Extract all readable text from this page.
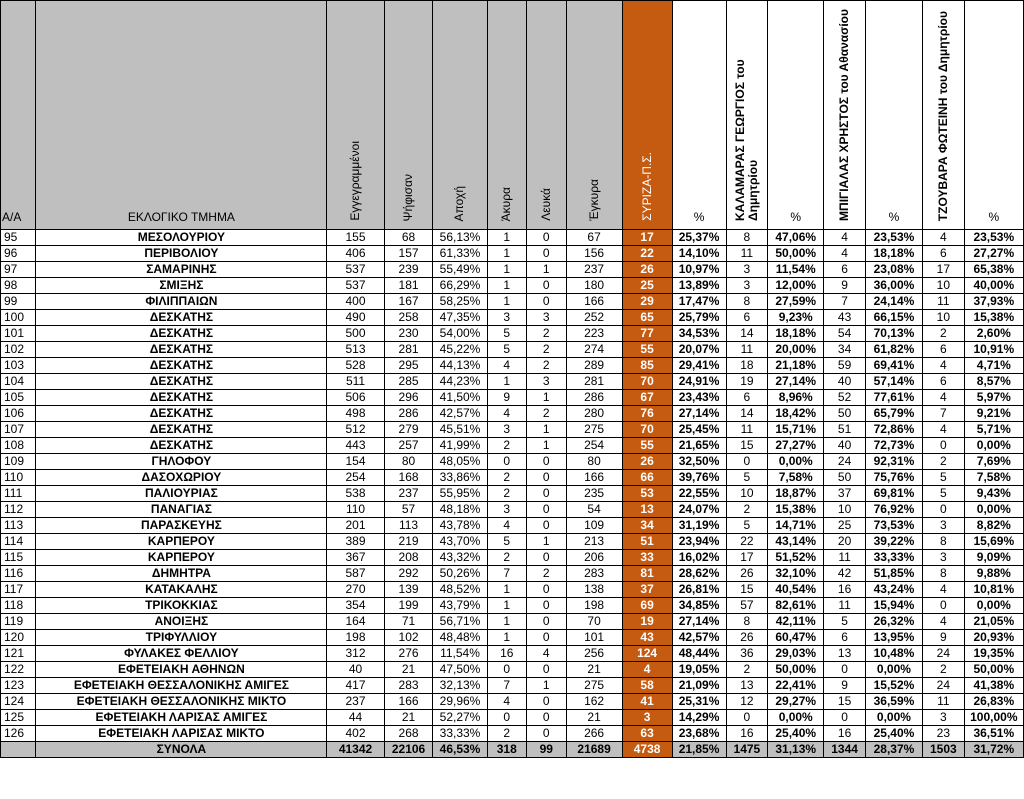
Α/Α	ΕΚΛΟΓΙΚΟ ΤΜΗΜΑ	Εγγεγραμμένοι	Ψήφισαν	Αποχή	Άκυρα	Λευκά	Έγκυρα	ΣΥΡΙΖΑ-Π.Σ.	%	ΚΑΛΑΜΑΡΑΣ ΓΕΩΡΓΙΟΣ του Δημητρίου	%	ΜΠΙΓΙΑΛΑΣ ΧΡΗΣΤΟΣ του Αθανασίου	%	ΤΖΟΥΒΑΡΑ ΦΩΤΕΙΝΗ του Δημητρίου	%
95	ΜΕΣΟΛΟΥΡΙΟΥ	155	68	56,13%	1	0	67	17	25,37%	8	47,06%	4	23,53%	4	23,53%
96	ΠΕΡΙΒΟΛΙΟΥ	406	157	61,33%	1	0	156	22	14,10%	11	50,00%	4	18,18%	6	27,27%
97	ΣΑΜΑΡΙΝΗΣ	537	239	55,49%	1	1	237	26	10,97%	3	11,54%	6	23,08%	17	65,38%
98	ΣΜΙΞΗΣ	537	181	66,29%	1	0	180	25	13,89%	3	12,00%	9	36,00%	10	40,00%
99	ΦΙΛΙΠΠΑΙΩΝ	400	167	58,25%	1	0	166	29	17,47%	8	27,59%	7	24,14%	11	37,93%
100	ΔΕΣΚΑΤΗΣ	490	258	47,35%	3	3	252	65	25,79%	6	9,23%	43	66,15%	10	15,38%
101	ΔΕΣΚΑΤΗΣ	500	230	54,00%	5	2	223	77	34,53%	14	18,18%	54	70,13%	2	2,60%
102	ΔΕΣΚΑΤΗΣ	513	281	45,22%	5	2	274	55	20,07%	11	20,00%	34	61,82%	6	10,91%
103	ΔΕΣΚΑΤΗΣ	528	295	44,13%	4	2	289	85	29,41%	18	21,18%	59	69,41%	4	4,71%
104	ΔΕΣΚΑΤΗΣ	511	285	44,23%	1	3	281	70	24,91%	19	27,14%	40	57,14%	6	8,57%
105	ΔΕΣΚΑΤΗΣ	506	296	41,50%	9	1	286	67	23,43%	6	8,96%	52	77,61%	4	5,97%
106	ΔΕΣΚΑΤΗΣ	498	286	42,57%	4	2	280	76	27,14%	14	18,42%	50	65,79%	7	9,21%
107	ΔΕΣΚΑΤΗΣ	512	279	45,51%	3	1	275	70	25,45%	11	15,71%	51	72,86%	4	5,71%
108	ΔΕΣΚΑΤΗΣ	443	257	41,99%	2	1	254	55	21,65%	15	27,27%	40	72,73%	0	0,00%
109	ΓΗΛΟΦΟΥ	154	80	48,05%	0	0	80	26	32,50%	0	0,00%	24	92,31%	2	7,69%
110	ΔΑΣΟΧΩΡΙΟΥ	254	168	33,86%	2	0	166	66	39,76%	5	7,58%	50	75,76%	5	7,58%
111	ΠΑΛΙΟΥΡΙΑΣ	538	237	55,95%	2	0	235	53	22,55%	10	18,87%	37	69,81%	5	9,43%
112	ΠΑΝΑΓΙΑΣ	110	57	48,18%	3	0	54	13	24,07%	2	15,38%	10	76,92%	0	0,00%
113	ΠΑΡΑΣΚΕΥΗΣ	201	113	43,78%	4	0	109	34	31,19%	5	14,71%	25	73,53%	3	8,82%
114	ΚΑΡΠΕΡΟΥ	389	219	43,70%	5	1	213	51	23,94%	22	43,14%	20	39,22%	8	15,69%
115	ΚΑΡΠΕΡΟΥ	367	208	43,32%	2	0	206	33	16,02%	17	51,52%	11	33,33%	3	9,09%
116	ΔΗΜΗΤΡΑ	587	292	50,26%	7	2	283	81	28,62%	26	32,10%	42	51,85%	8	9,88%
117	ΚΑΤΑΚΑΛΗΣ	270	139	48,52%	1	0	138	37	26,81%	15	40,54%	16	43,24%	4	10,81%
118	ΤΡΙΚΟΚΚΙΑΣ	354	199	43,79%	1	0	198	69	34,85%	57	82,61%	11	15,94%	0	0,00%
119	ΑΝΟΙΞΗΣ	164	71	56,71%	1	0	70	19	27,14%	8	42,11%	5	26,32%	4	21,05%
120	ΤΡΙΦΥΛΛΙΟΥ	198	102	48,48%	1	0	101	43	42,57%	26	60,47%	6	13,95%	9	20,93%
121	ΦΥΛΑΚΕΣ ΦΕΛΛΙΟΥ	312	276	11,54%	16	4	256	124	48,44%	36	29,03%	13	10,48%	24	19,35%
122	ΕΦΕΤΕΙΑΚΗ ΑΘΗΝΩΝ	40	21	47,50%	0	0	21	4	19,05%	2	50,00%	0	0,00%	2	50,00%
123	ΕΦΕΤΕΙΑΚΗ ΘΕΣΣΑΛΟΝΙΚΗΣ ΑΜΙΓΕΣ	417	283	32,13%	7	1	275	58	21,09%	13	22,41%	9	15,52%	24	41,38%
124	ΕΦΕΤΕΙΑΚΗ ΘΕΣΣΑΛΟΝΙΚΗΣ ΜΙΚΤΟ	237	166	29,96%	4	0	162	41	25,31%	12	29,27%	15	36,59%	11	26,83%
125	ΕΦΕΤΕΙΑΚΗ ΛΑΡΙΣΑΣ ΑΜΙΓΕΣ	44	21	52,27%	0	0	21	3	14,29%	0	0,00%	0	0,00%	3	100,00%
126	ΕΦΕΤΕΙΑΚΗ ΛΑΡΙΣΑΣ ΜΙΚΤΟ	402	268	33,33%	2	0	266	63	23,68%	16	25,40%	16	25,40%	23	36,51%
	ΣΥΝΟΛΑ	41342	22106	46,53%	318	99	21689	4738	21,85%	1475	31,13%	1344	28,37%	1503	31,72%
